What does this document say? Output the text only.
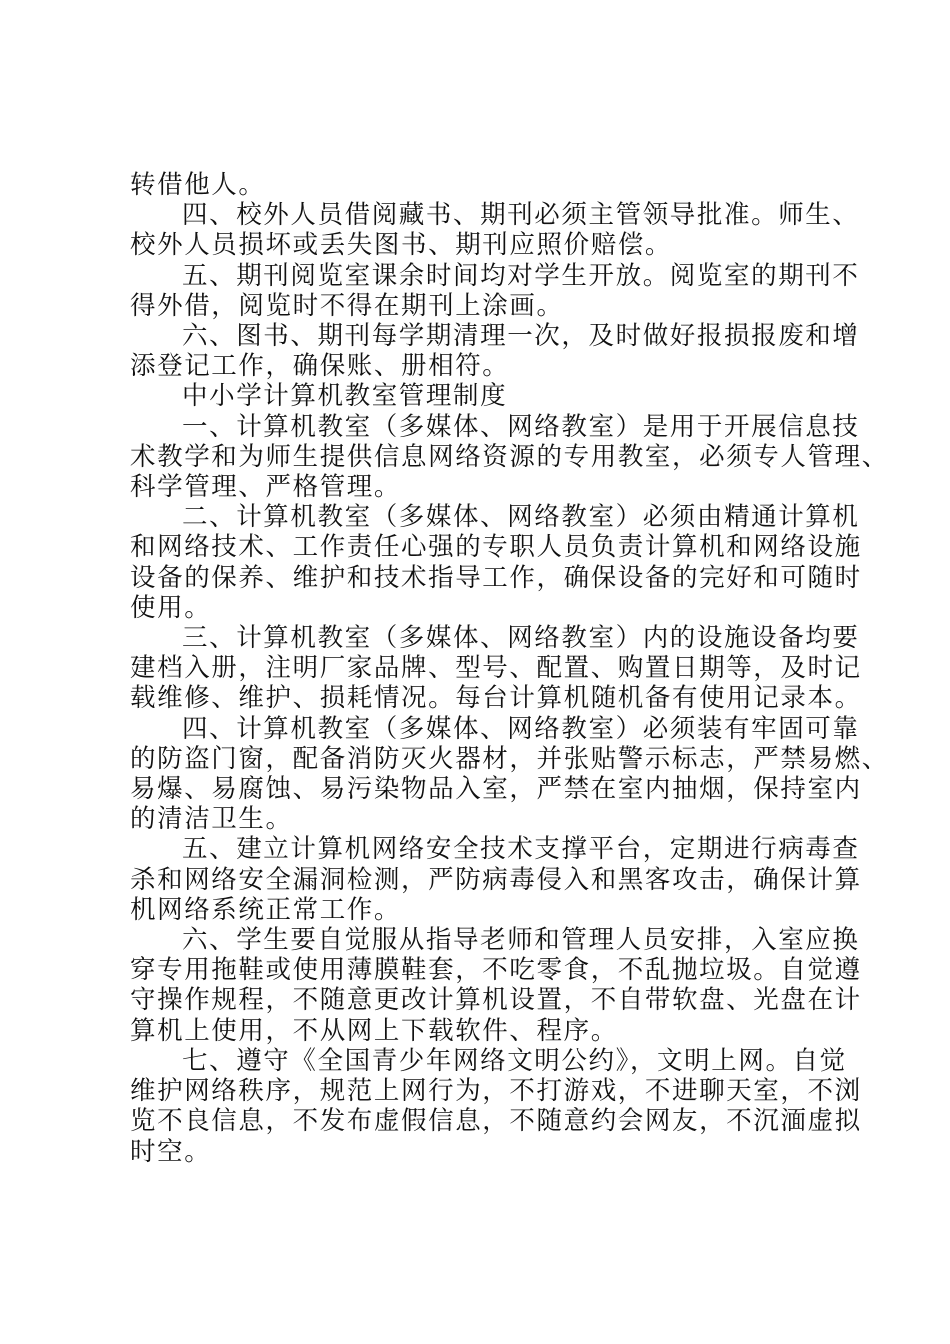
转借他人。
四、校外人员借阅藏书、期刊必须主管领导批准。师生、
校外人员损坏或丢失图书、期刊应照价赔偿。
五、期刊阅览室课余时间均对学生开放。阅览室的期刊不
得外借，阅览时不得在期刊上涂画。
六、图书、期刊每学期清理一次，及时做好报损报废和增
添登记工作，确保账、册相符。
中小学计算机教室管理制度
一、计算机教室（多媒体、网络教室）是用于开展信息技
术教学和为师生提供信息网络资源的专用教室，必须专人管理、
科学管理、严格管理。
二、计算机教室（多媒体、网络教室）必须由精通计算机
和网络技术、工作责任心强的专职人员负责计算机和网络设施
设备的保养、维护和技术指导工作，确保设备的完好和可随时
使用。
三、计算机教室（多媒体、网络教室）内的设施设备均要
建档入册，注明厂家品牌、型号、配置、购置日期等，及时记
载维修、维护、损耗情况。每台计算机随机备有使用记录本。
四、计算机教室（多媒体、网络教室）必须装有牢固可靠
的防盗门窗，配备消防灭火器材，并张贴警示标志，严禁易燃、
易爆、易腐蚀、易污染物品入室，严禁在室内抽烟，保持室内
的清洁卫生。
五、建立计算机网络安全技术支撑平台，定期进行病毒查
杀和网络安全漏洞检测，严防病毒侵入和黑客攻击，确保计算
机网络系统正常工作。
六、学生要自觉服从指导老师和管理人员安排，入室应换
穿专用拖鞋或使用薄膜鞋套，不吃零食，不乱抛垃圾。自觉遵
守操作规程，不随意更改计算机设置，不自带软盘、光盘在计
算机上使用，不从网上下载软件、程序。
七、遵守《全国青少年网络文明公约》，文明上网。自觉
维护网络秩序，规范上网行为，不打游戏，不进聊天室，不浏
览不良信息，不发布虚假信息，不随意约会网友，不沉湎虚拟
时空。
